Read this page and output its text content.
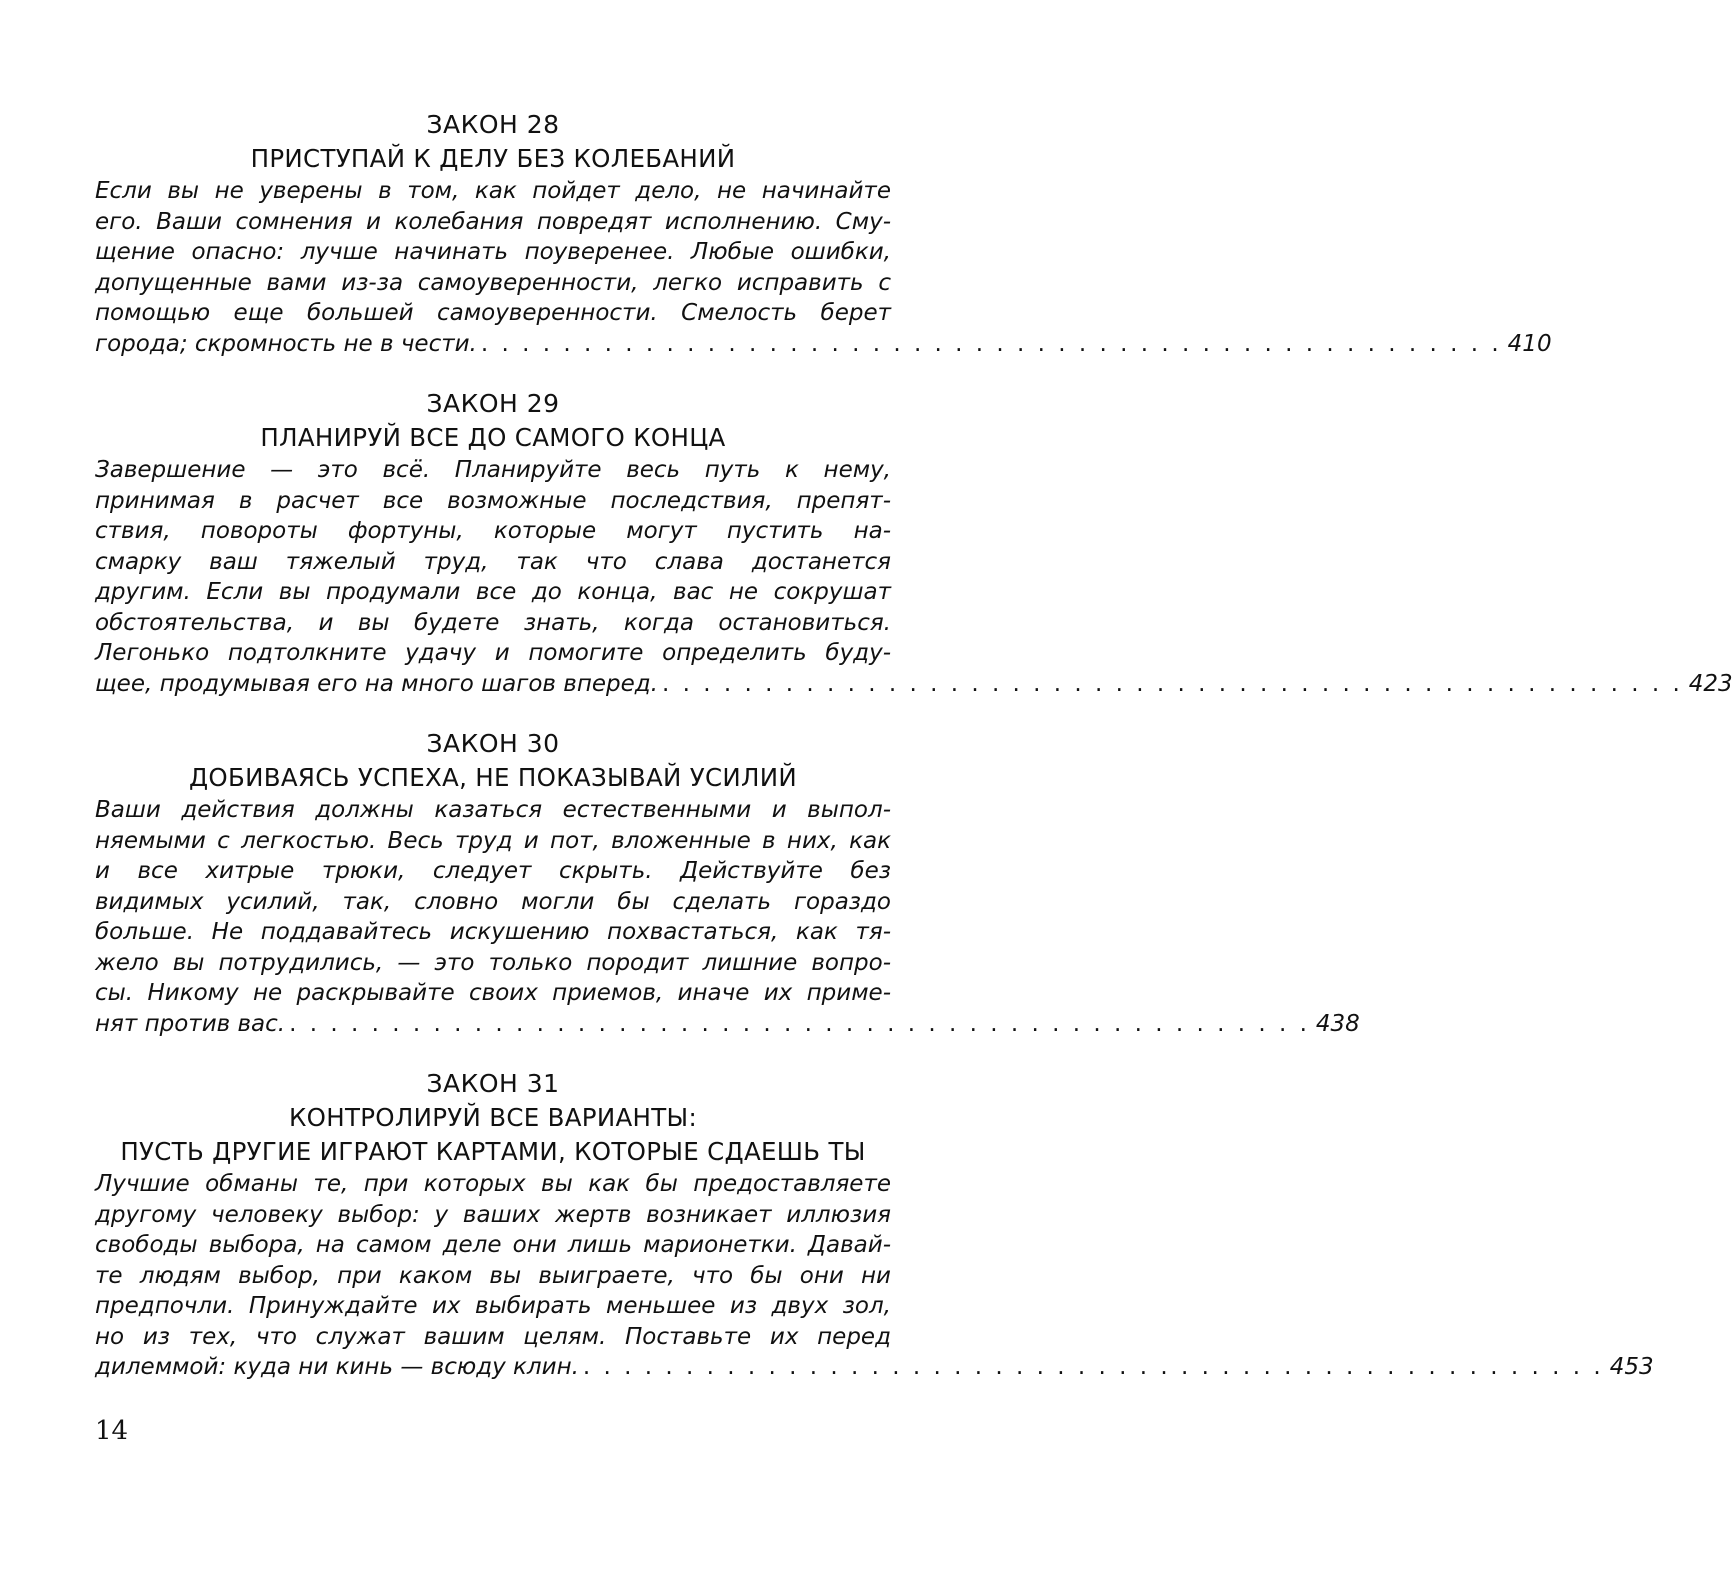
ЗАКОН 28
ПРИСТУПАЙ К ДЕЛУ БЕЗ КОЛЕБАНИЙ

Если вы не уверены в том, как пойдет дело, не начинайте
его. Ваши сомнения и колебания повредят исполнению. Сму-
щение опасно: лучше начинать поуверенее. Любые ошибки,
допущенные вами из-за самоуверенности, легко исправить с
помощью еще большей самоуверенности. Смелость берет
города; скромность не в чести. . . . . . . . . . . . . . . . . . . . . . . . . . . . . . . . . . . . . . . . . . . . . . . . . . . 410

ЗАКОН 29
ПЛАНИРУЙ ВСЕ ДО САМОГО КОНЦА

Завершение — это всё. Планируйте весь путь к нему,
принимая в расчет все возможные последствия, препят-
ствия, повороты фортуны, которые могут пустить на-
смарку ваш тяжелый труд, так что слава достанется
другим. Если вы продумали все до конца, вас не сокрушат
обстоятельства, и вы будете знать, когда остановиться.
Легонько подтолкните удачу и помогите определить буду-
щее, продумывая его на много шагов вперед. . . . . . . . . . . . . . . . . . . . . . . . . . . . . . . . . . . . . . . . . . . . . . . . . . . 423

ЗАКОН 30
ДОБИВАЯСЬ УСПЕХА, НЕ ПОКАЗЫВАЙ УСИЛИЙ

Ваши действия должны казаться естественными и выпол-
няемыми с легкостью. Весь труд и пот, вложенные в них, как
и все хитрые трюки, следует скрыть. Действуйте без
видимых усилий, так, словно могли бы сделать гораздо
больше. Не поддавайтесь искушению похвастаться, как тя-
жело вы потрудились, — это только породит лишние вопро-
сы. Никому не раскрывайте своих приемов, иначе их приме-
нят против вас. . . . . . . . . . . . . . . . . . . . . . . . . . . . . . . . . . . . . . . . . . . . . . . . . . . 438

ЗАКОН 31
КОНТРОЛИРУЙ ВСЕ ВАРИАНТЫ:
ПУСТЬ ДРУГИЕ ИГРАЮТ КАРТАМИ, КОТОРЫЕ СДАЕШЬ ТЫ

Лучшие обманы те, при которых вы как бы предоставляете
другому человеку выбор: у ваших жертв возникает иллюзия
свободы выбора, на самом деле они лишь марионетки. Давай-
те людям выбор, при каком вы выиграете, что бы они ни
предпочли. Принуждайте их выбирать меньшее из двух зол,
но из тех, что служат вашим целям. Поставьте их перед
дилеммой: куда ни кинь — всюду клин. . . . . . . . . . . . . . . . . . . . . . . . . . . . . . . . . . . . . . . . . . . . . . . . . . . 453

14
